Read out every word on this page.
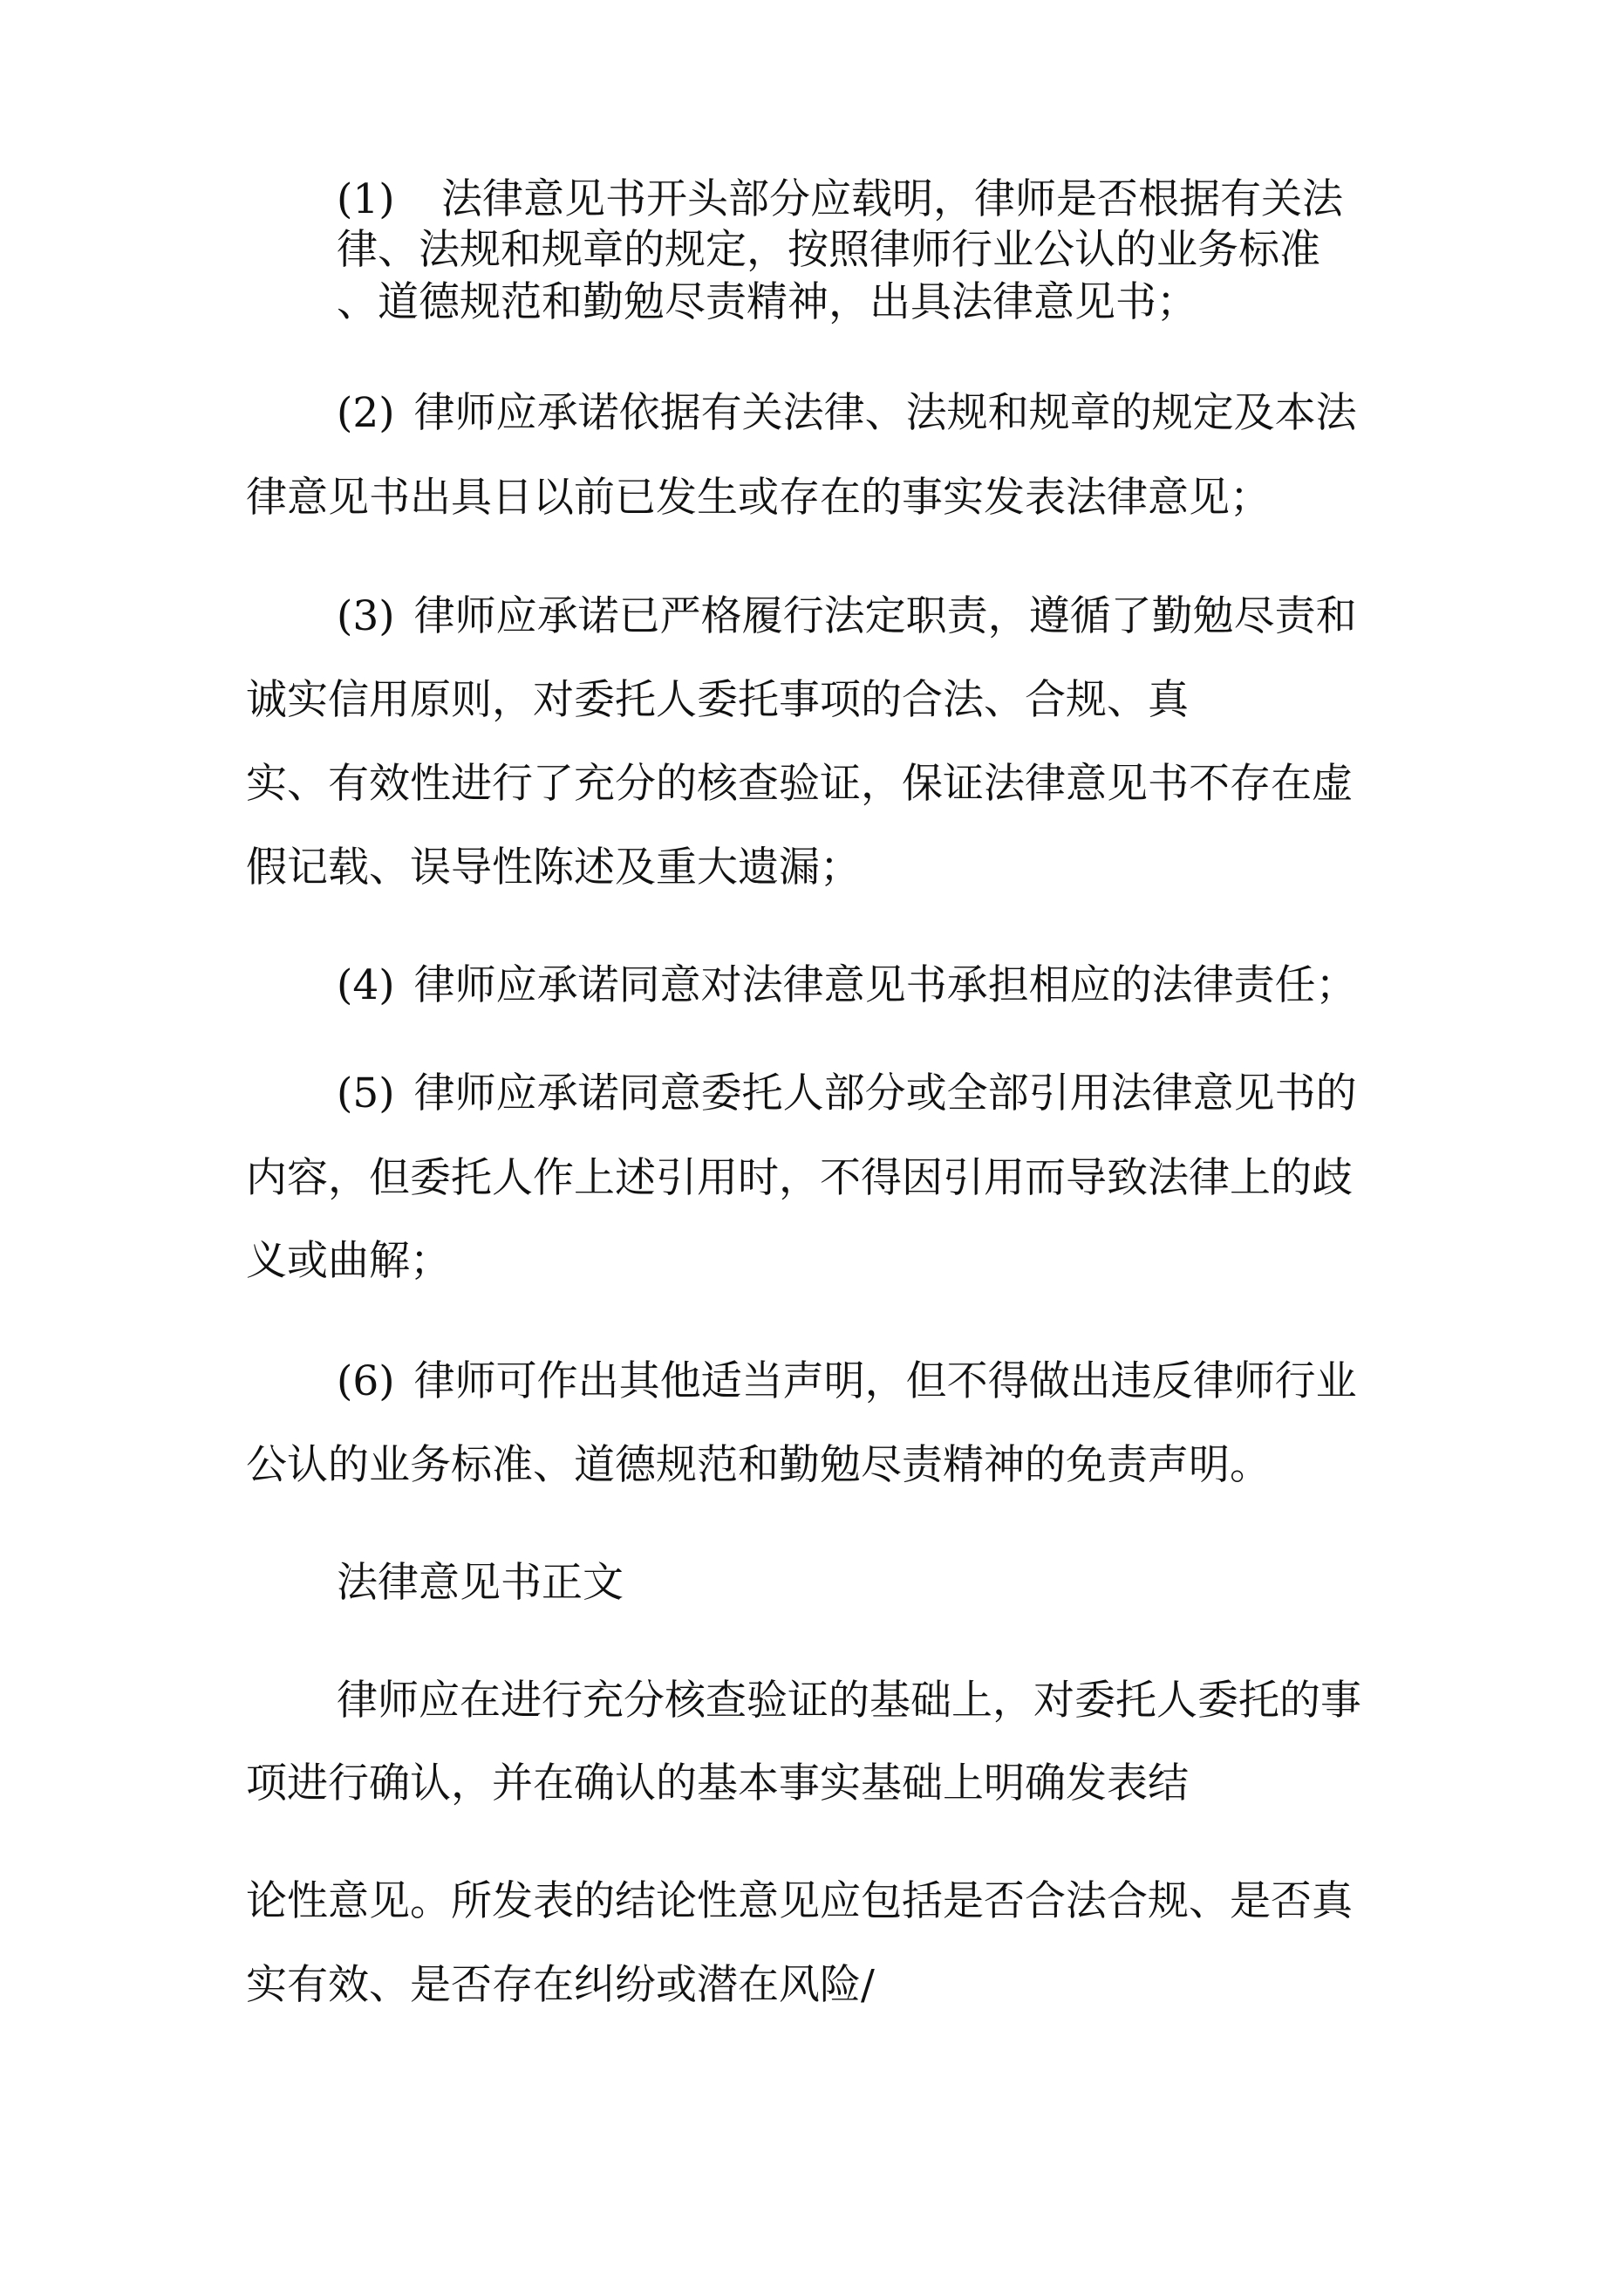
(1) 法律意见书开头部分应载明，律师是否根据有关法
律、法规和规章的规定，按照律师行业公认的业务标准
、道德规范和勤勉尽责精神，出具法律意见书；
(2) 律师应承诺依据有关法律、法规和规章的规定及本法
律意见书出具日以前已发生或存在的事实发表法律意见；
(3) 律师应承诺已严格履行法定职责，遵循了勤勉尽责和
诚实信用原则，对委托人委托事项的合法、合规、真
实、有效性进行了充分的核查验证，保证法律意见书不存在虚
假记载、误导性陈述及重大遗漏；
(4) 律师应承诺同意对法律意见书承担相应的法律责任；
(5) 律师应承诺同意委托人部分或全部引用法律意见书的
内容，但委托人作上述引用时，不得因引用而导致法律上的歧
义或曲解；
(6) 律师可作出其他适当声明，但不得做出违反律师行业
公认的业务标准、道德规范和勤勉尽责精神的免责声明。
法律意见书正文
律师应在进行充分核查验证的基础上，对委托人委托的事
项进行确认，并在确认的基本事实基础上明确发表结
论性意见。所发表的结论性意见应包括是否合法合规、是否真
实有效、是否存在纠纷或潜在风险/
